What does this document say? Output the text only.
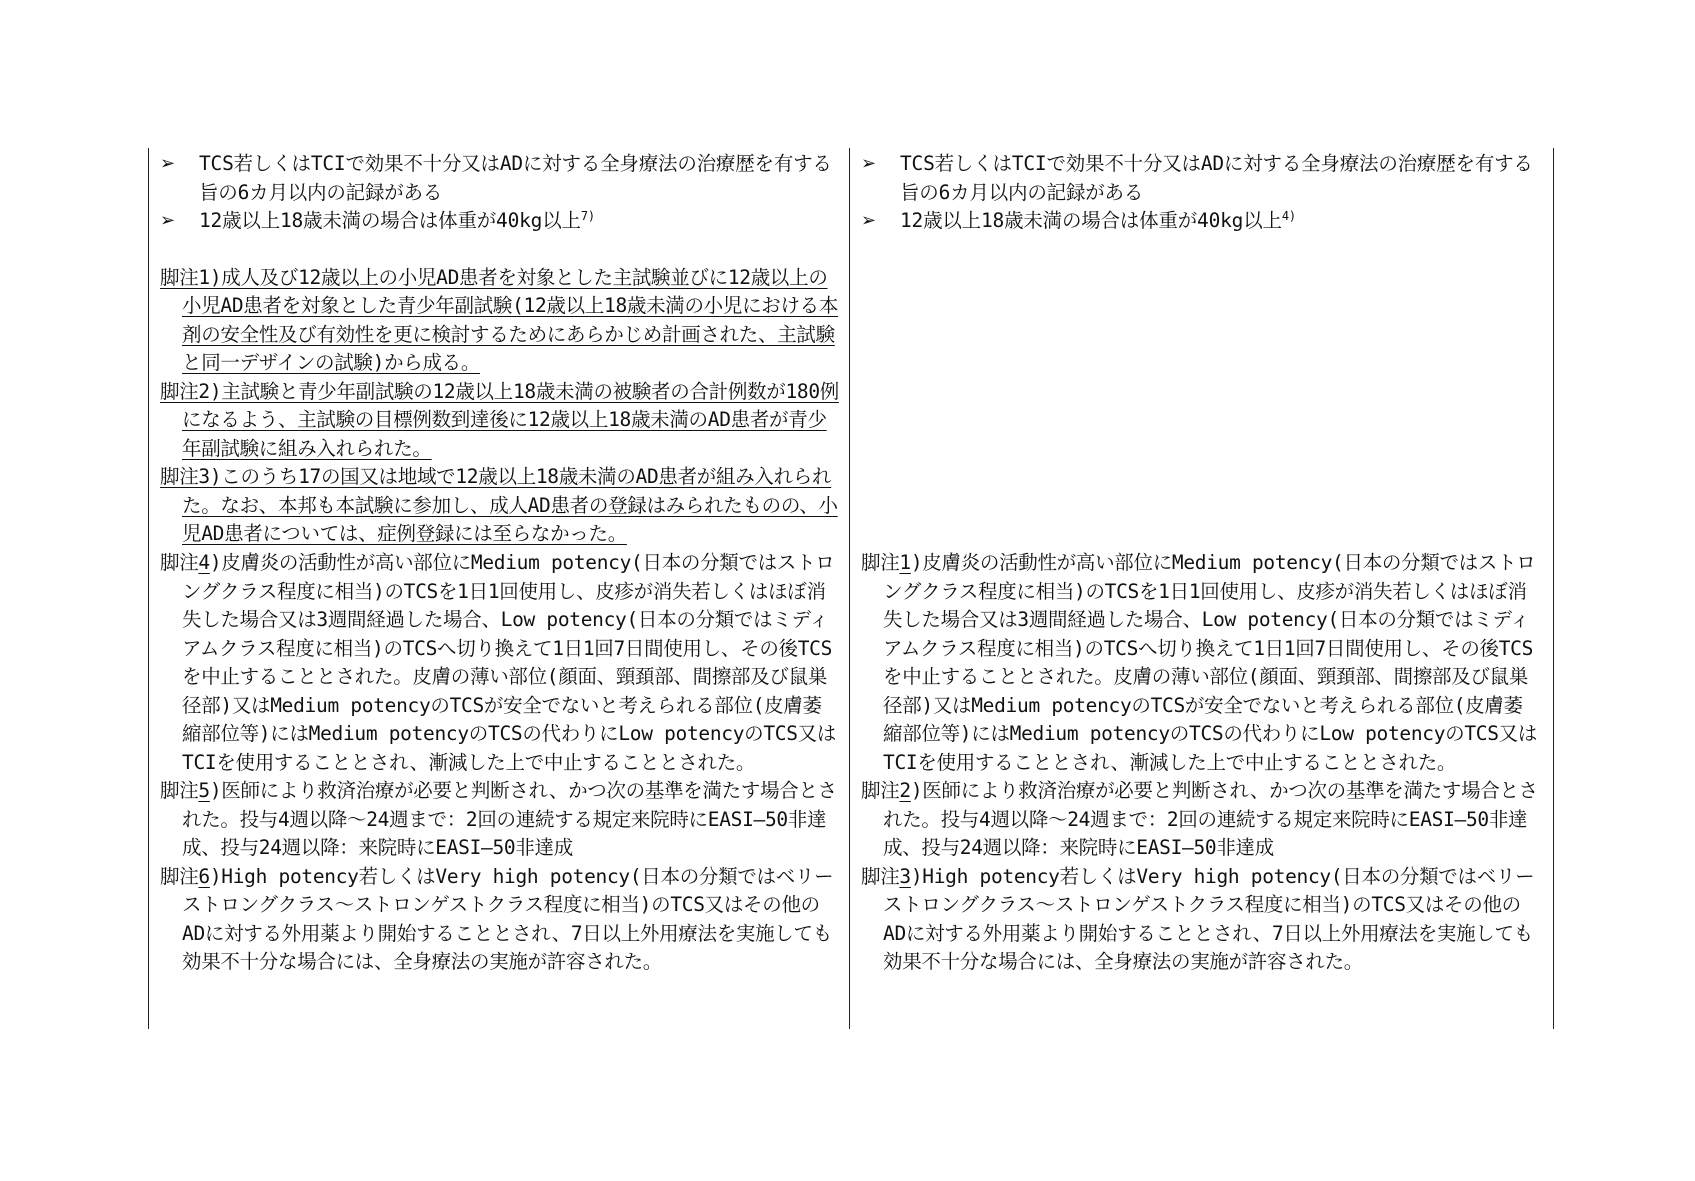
➢	TCS若しくはTCIで効果不十分又はADに対する全身療法の治療歴を有する旨の6カ月以内の記録がある
➢	12歳以上18歳未満の場合は体重が40kg以上$^{7)}$
脚注1)成人及び12歳以上の小児AD患者を対象とした主試験並びに12歳以上の小児AD患者を対象とした青少年副試験(12歳以上18歳未満の小児における本剤の安全性及び有効性を更に検討するためにあらかじめ計画された、主試験と同一デザインの試験)から成る。
脚注2)主試験と青少年副試験の12歳以上18歳未満の被験者の合計例数が180例になるよう、主試験の目標例数到達後に12歳以上18歳未満のAD患者が青少年副試験に組み入れられた。
脚注3)このうち17の国又は地域で12歳以上18歳未満のAD患者が組み入れられた。なお、本邦も本試験に参加し、成人AD患者の登録はみられたものの、小児AD患者については、症例登録には至らなかった。
脚注4)皮膚炎の活動性が高い部位にMedium potency(日本の分類ではストロングクラス程度に相当)のTCSを1日1回使用し、皮疹が消失若しくはほぼ消失した場合又は3週間経過した場合、Low potency(日本の分類ではミディアムクラス程度に相当)のTCSへ切り換えて1日1回7日間使用し、その後TCSを中止することとされた。皮膚の薄い部位(顔面、頸頚部、間擦部及び鼠巣径部)又はMedium potencyのTCSが安全でないと考えられる部位(皮膚萎縮部位等)にはMedium potencyのTCSの代わりにLow potencyのTCS又はTCIを使用することとされ、漸減した上で中止することとされた。
脚注5)医師により救済治療が必要と判断され、かつ次の基準を満たす場合とされた。投与4週以降～24週まで：2回の連続する規定来院時にEASI―50非達成、投与24週以降：来院時にEASI―50非達成
脚注6)High potency若しくはVery high potency(日本の分類ではベリーストロングクラス～ストロンゲストクラス程度に相当)のTCS又はその他のADに対する外用薬より開始することとされ、7日以上外用療法を実施しても効果不十分な場合には、全身療法の実施が許容された。
➢	TCS若しくはTCIで効果不十分又はADに対する全身療法の治療歴を有する旨の6カ月以内の記録がある
➢	12歳以上18歳未満の場合は体重が40kg以上$^{4)}$
脚注1)皮膚炎の活動性が高い部位にMedium potency(日本の分類ではストロングクラス程度に相当)のTCSを1日1回使用し、皮疹が消失若しくはほぼ消失した場合又は3週間経過した場合、Low potency(日本の分類ではミディアムクラス程度に相当)のTCSへ切り換えて1日1回7日間使用し、その後TCSを中止することとされた。皮膚の薄い部位(顔面、頸頚部、間擦部及び鼠巣径部)又はMedium potencyのTCSが安全でないと考えられる部位(皮膚萎縮部位等)にはMedium potencyのTCSの代わりにLow potencyのTCS又はTCIを使用することとされ、漸減した上で中止することとされた。
脚注2)医師により救済治療が必要と判断され、かつ次の基準を満たす場合とされた。投与4週以降～24週まで：2回の連続する規定来院時にEASI―50非達成、投与24週以降：来院時にEASI―50非達成
脚注3)High potency若しくはVery high potency(日本の分類ではベリーストロングクラス～ストロンゲストクラス程度に相当)のTCS又はその他のADに対する外用薬より開始することとされ、7日以上外用療法を実施しても効果不十分な場合には、全身療法の実施が許容された。
